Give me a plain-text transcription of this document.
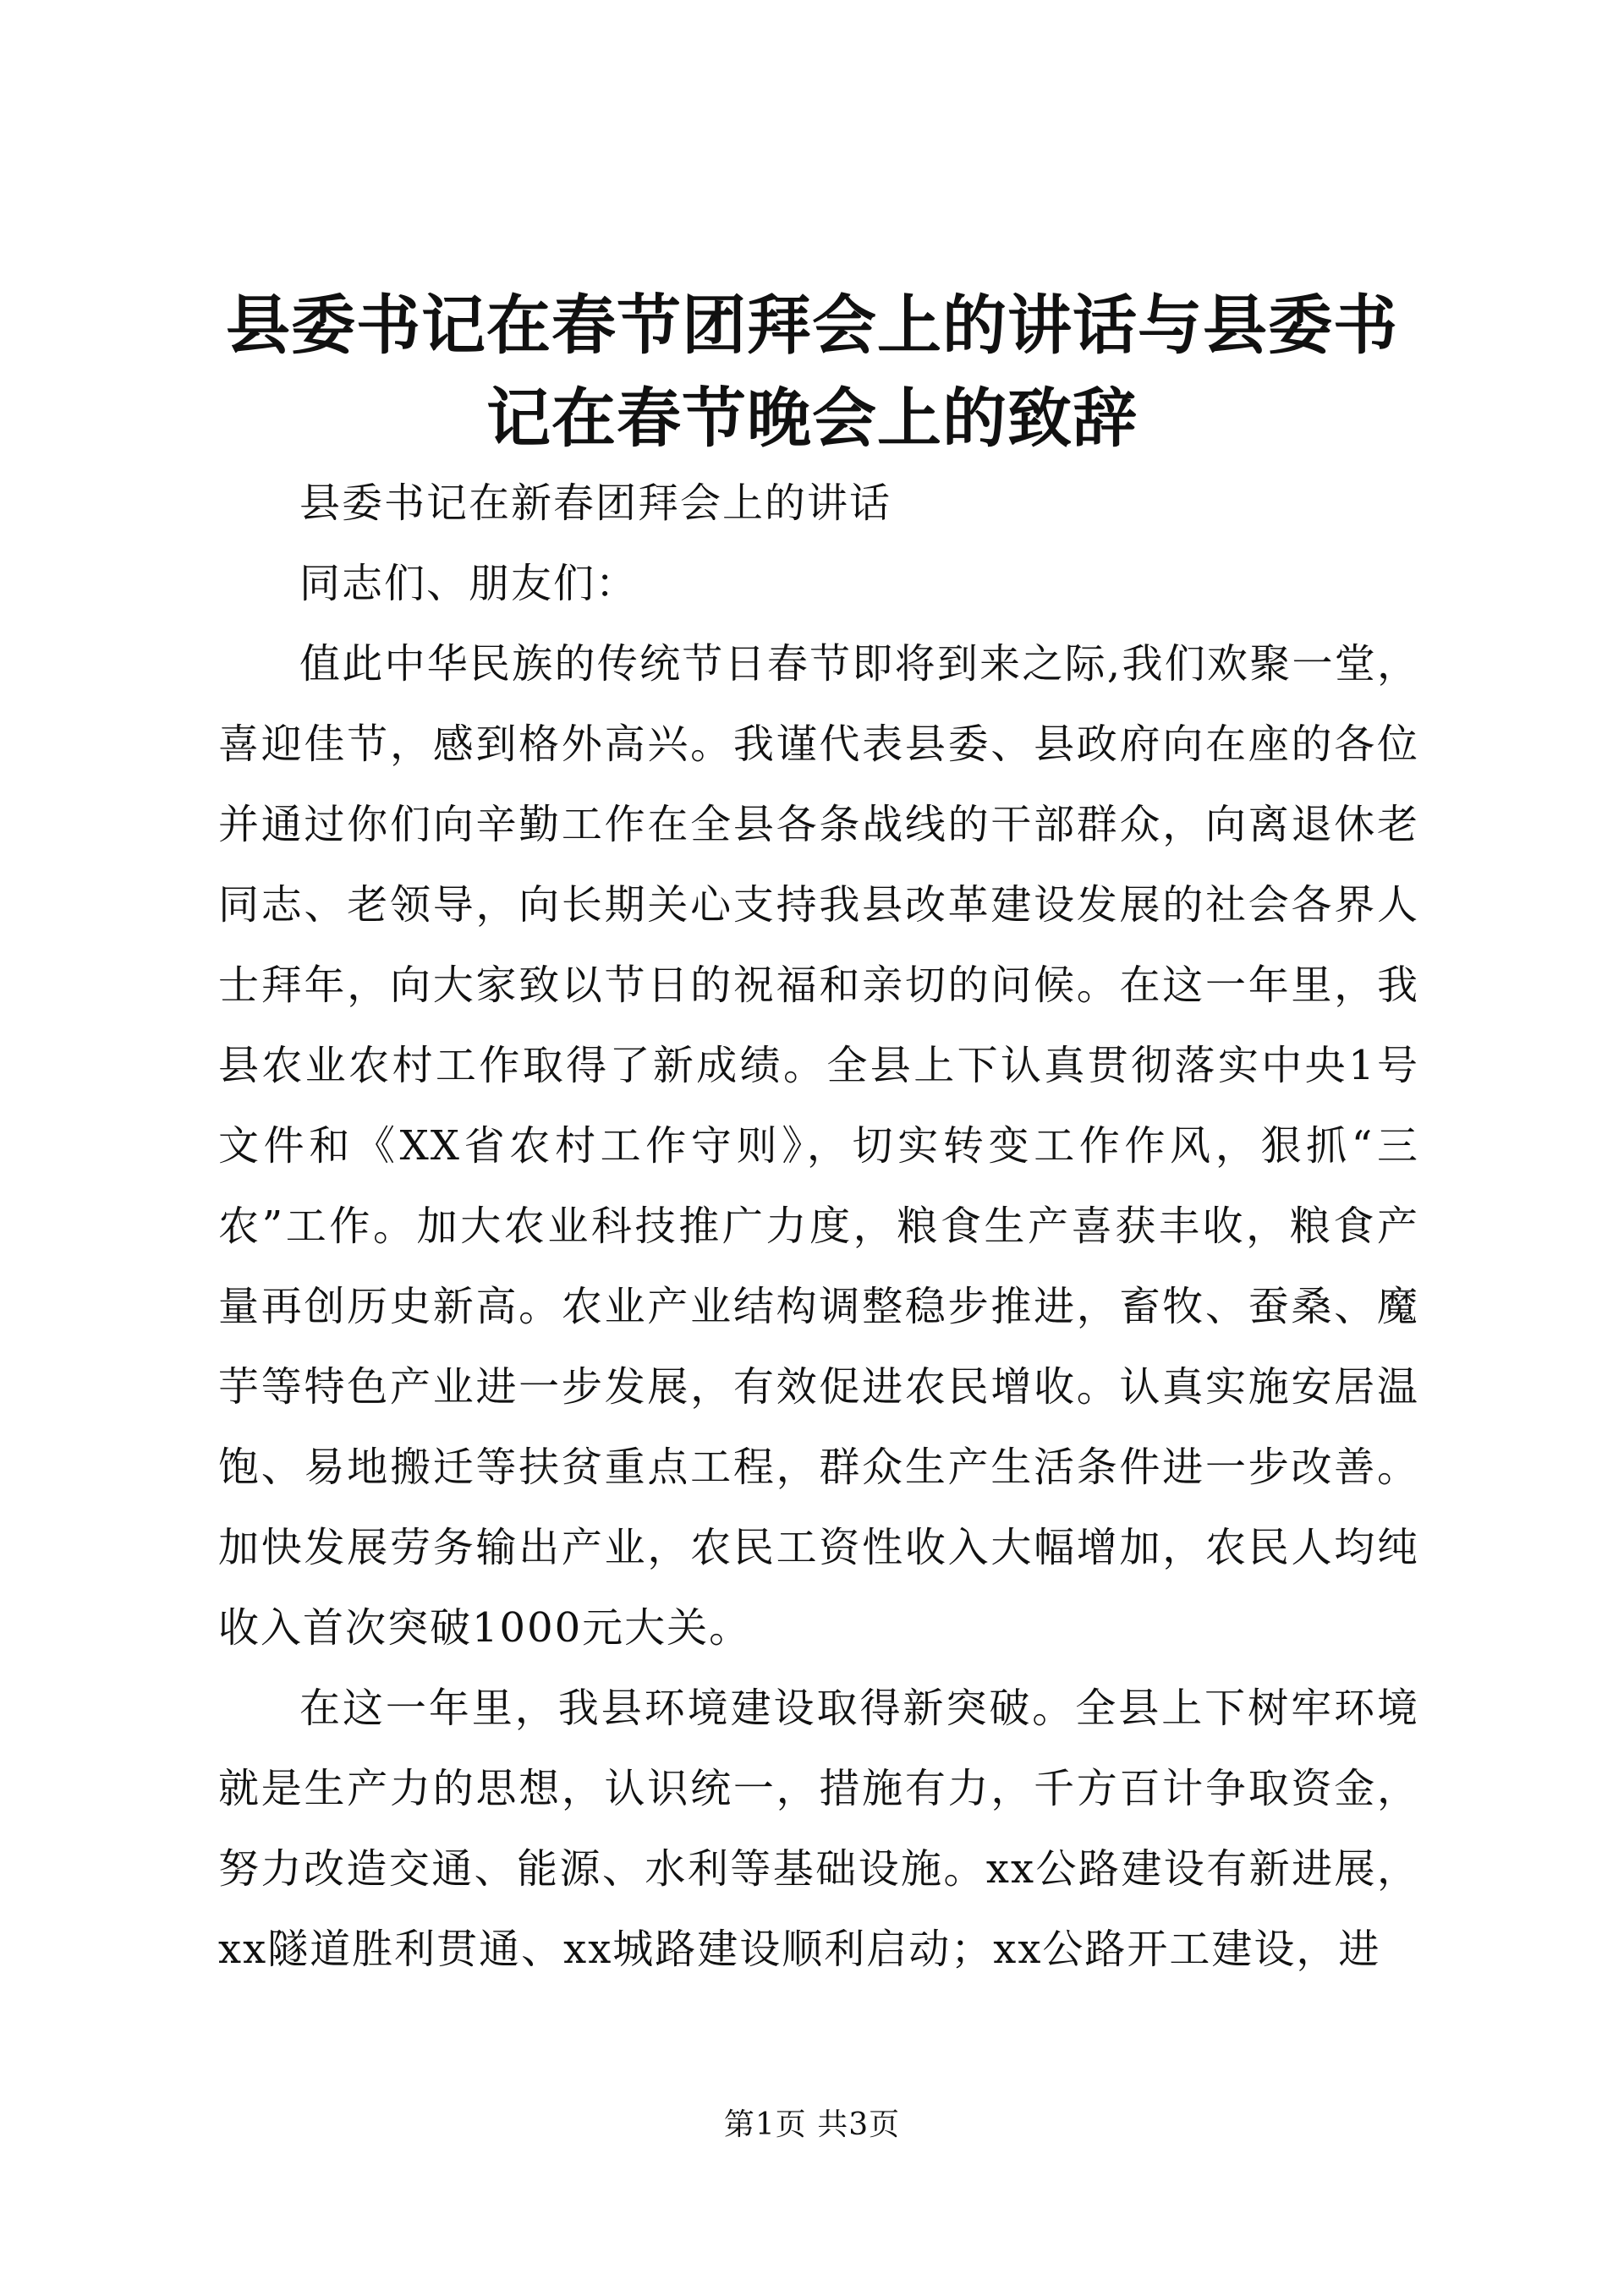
县委书记在春节团拜会上的讲话与县委书记在春节晚会上的致辞

县委书记在新春团拜会上的讲话

同志们、朋友们：

值此中华民族的传统节日春节即将到来之际,我们欢聚一堂，喜迎佳节，感到格外高兴。我谨代表县委、县政府向在座的各位并通过你们向辛勤工作在全县各条战线的干部群众，向离退休老同志、老领导，向长期关心支持我县改革建设发展的社会各界人士拜年，向大家致以节日的祝福和亲切的问候。在这一年里，我县农业农村工作取得了新成绩。全县上下认真贯彻落实中央1号文件和《XX省农村工作守则》，切实转变工作作风，狠抓“三农”工作。加大农业科技推广力度，粮食生产喜获丰收，粮食产量再创历史新高。农业产业结构调整稳步推进，畜牧、蚕桑、魔芋等特色产业进一步发展，有效促进农民增收。认真实施安居温饱、易地搬迁等扶贫重点工程，群众生产生活条件进一步改善。加快发展劳务输出产业，农民工资性收入大幅增加，农民人均纯收入首次突破1000元大关。

在这一年里，我县环境建设取得新突破。全县上下树牢环境就是生产力的思想，认识统一，措施有力，千方百计争取资金，努力改造交通、能源、水利等基础设施。xx公路建设有新进展，xx隧道胜利贯通、xx城路建设顺利启动；xx公路开工建设，进

第1页 共3页
